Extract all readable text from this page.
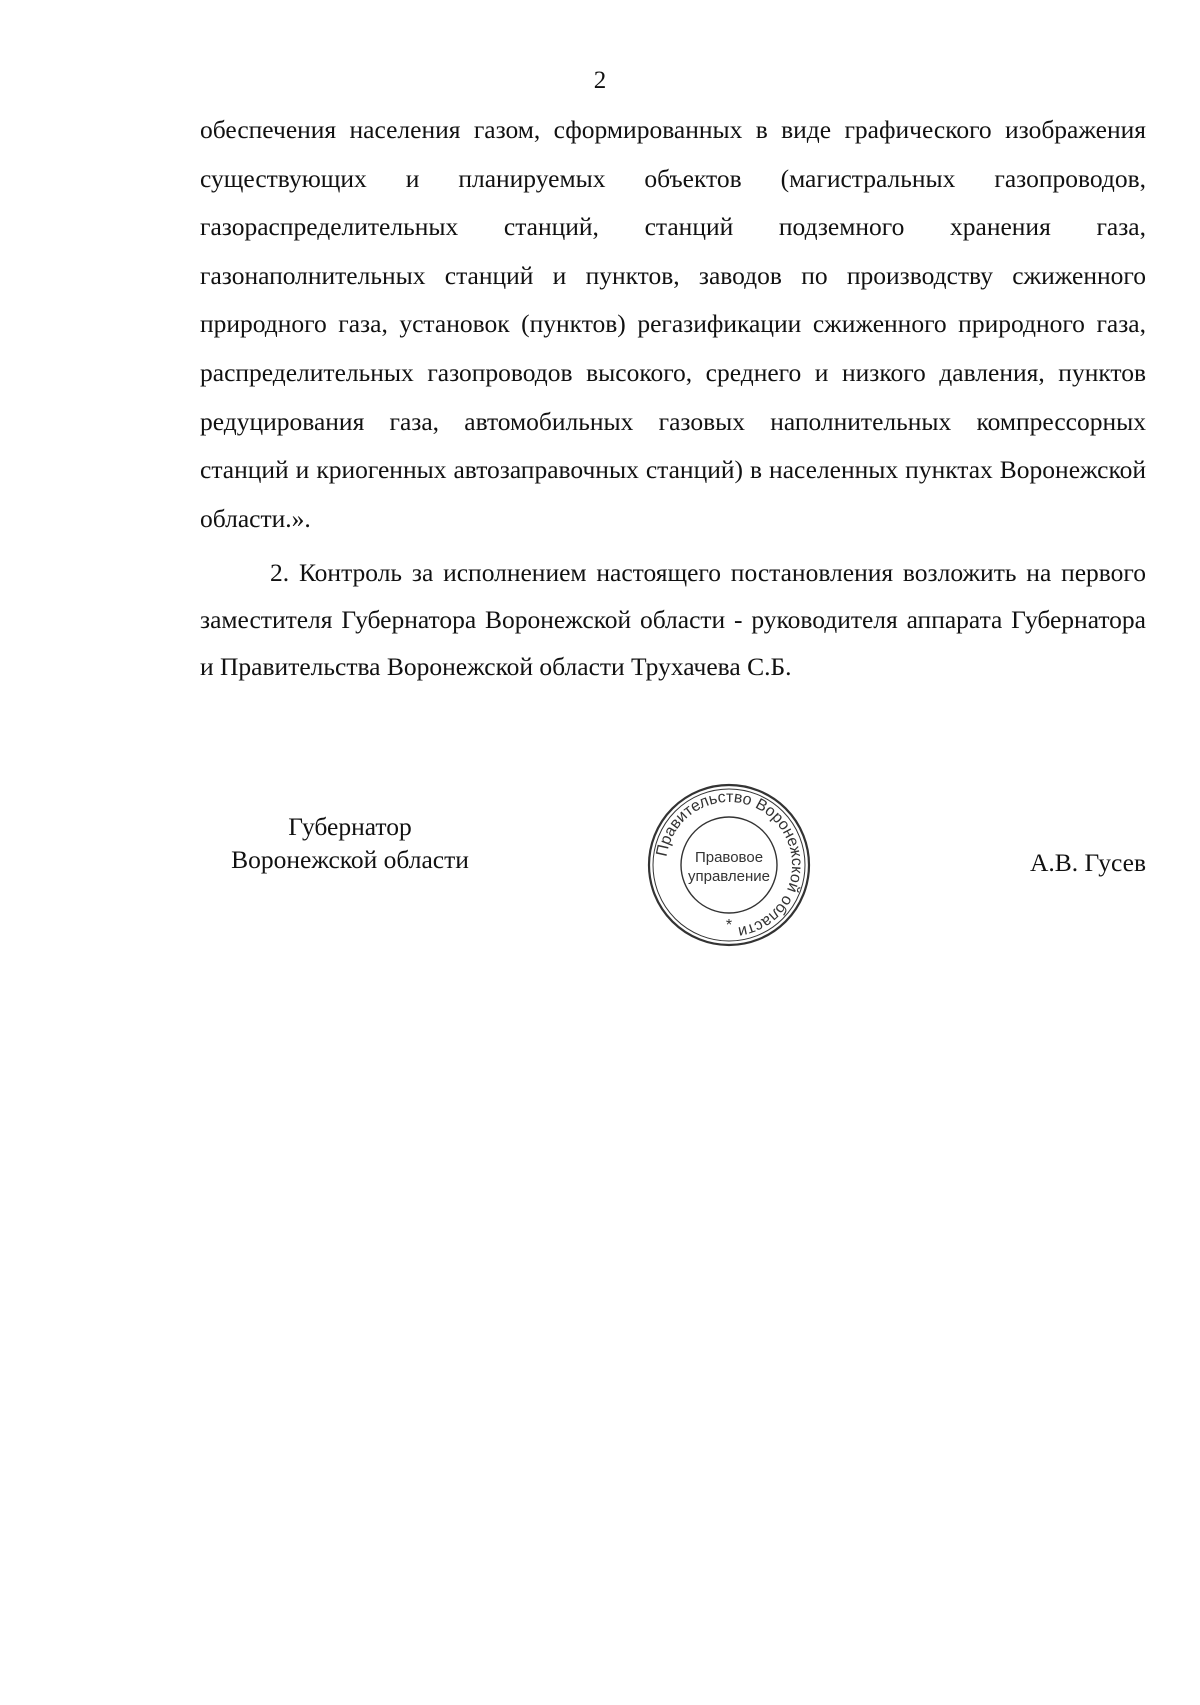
2

обеспечения населения газом, сформированных в виде графического изображения существующих и планируемых объектов (магистральных газопроводов, газораспределительных станций, станций подземного хранения газа, газонаполнительных станций и пунктов, заводов по производству сжиженного природного газа, установок (пунктов) регазификации сжиженного природного газа, распределительных газопроводов высокого, среднего и низкого давления, пунктов редуцирования газа, автомобильных газовых наполнительных компрессорных станций и криогенных автозаправочных станций) в населенных пунктах Воронежской области.».

2. Контроль за исполнением настоящего постановления возложить на первого заместителя Губернатора Воронежской области - руководителя аппарата Губернатора и Правительства Воронежской области Трухачева С.Б.

Губернатор
Воронежской области	Правительство Воронежской области
Правовое
управление
*
А.В. Гусев
